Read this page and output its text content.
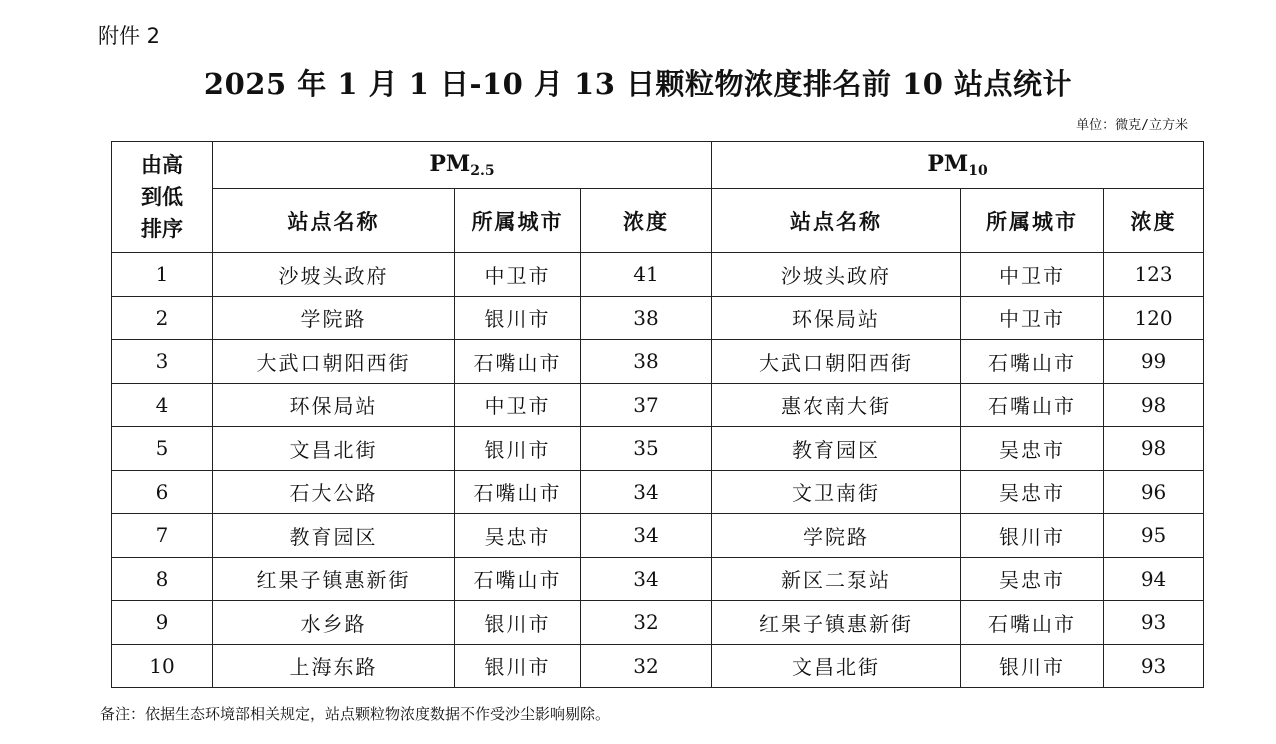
附件 2
2025 年 1 月 1 日-10 月 13 日颗粒物浓度排名前 10 站点统计
单位：微克/立方米
由高
到低
排序	$PM_{2.5}$			$PM_{10}$
	站点名称	所属城市	浓度	站点名称	所属城市	浓度
1	沙坡头政府	中卫市	41	沙坡头政府	中卫市	123
2	学院路	银川市	38	环保局站	中卫市	120
3	大武口朝阳西街	石嘴山市	38	大武口朝阳西街	石嘴山市	99
4	环保局站	中卫市	37	惠农南大街	石嘴山市	98
5	文昌北街	银川市	35	教育园区	吴忠市	98
6	石大公路	石嘴山市	34	文卫南街	吴忠市	96
7	教育园区	吴忠市	34	学院路	银川市	95
8	红果子镇惠新街	石嘴山市	34	新区二泵站	吴忠市	94
9	水乡路	银川市	32	红果子镇惠新街	石嘴山市	93
10	上海东路	银川市	32	文昌北街	银川市	93
备注：依据生态环境部相关规定，站点颗粒物浓度数据不作受沙尘影响剔除。
